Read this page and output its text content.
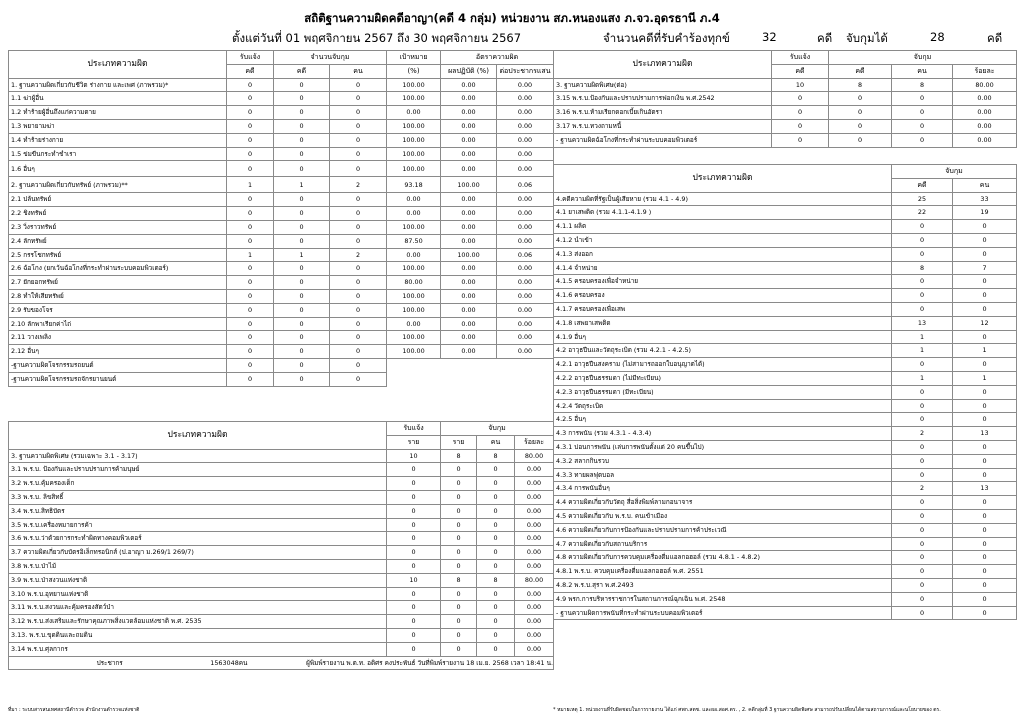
สถิติฐานความผิดคดีอาญา(คดี 4 กลุ่ม) หน่วยงาน สภ.หนองแสง ภ.จว.อุดรธานี ภ.4
ตั้งแต่วันที่ 01 พฤศจิกายน 2567 ถึง 30 พฤศจิกายน 2567	จำนวนคดีที่รับคำร้องทุกข์	32	คดี จับกุมได้	28	คดี
ประเภทความผิด	รับแจ้ง	จำนวนจับกุม		เป้าหมาย	อัตราความผิด	
	คดี	คดี	คน	(%)	ผลปฏิบัติ (%)	ต่อประชากรแสน
1. ฐานความผิดเกี่ยวกับชีวิต ร่างกาย และเพศ (ภาพรวม)*	0	0	0	100.00	0.00	0.00
1.1 ฆ่าผู้อื่น	0	0	0	100.00	0.00	0.00
1.2 ทำร้ายผู้อื่นถึงแก่ความตาย	0	0	0	0.00	0.00	0.00
1.3 พยายามฆ่า	0	0	0	100.00	0.00	0.00
1.4 ทำร้ายร่างกาย	0	0	0	100.00	0.00	0.00
1.5 ข่มขืนกระทำชำเรา	0	0	0	100.00	0.00	0.00
1.6 อื่นๆ	0	0	0	100.00	0.00	0.00
2. ฐานความผิดเกี่ยวกับทรัพย์ (ภาพรวม)**	1	1	2	93.18	100.00	0.06
2.1 ปล้นทรัพย์	0	0	0	0.00	0.00	0.00
2.2 ชิงทรัพย์	0	0	0	0.00	0.00	0.00
2.3 วิ่งราวทรัพย์	0	0	0	100.00	0.00	0.00
2.4 ลักทรัพย์	0	0	0	87.50	0.00	0.00
2.5 กรรโชกทรัพย์	1	1	2	0.00	100.00	0.06
2.6 ฉ้อโกง (ยกเว้นฉ้อโกงที่กระทำผ่านระบบคอมพิวเตอร์)	0	0	0	100.00	0.00	0.00
2.7 ยักยอกทรัพย์	0	0	0	80.00	0.00	0.00
2.8 ทำให้เสียทรัพย์	0	0	0	100.00	0.00	0.00
2.9 รับของโจร	0	0	0	100.00	0.00	0.00
2.10 ลักพาเรียกค่าไถ่	0	0	0	0.00	0.00	0.00
2.11 วางเพลิง	0	0	0	100.00	0.00	0.00
2.12 อื่นๆ	0	0	0	100.00	0.00	0.00
-ฐานความผิดโจรกรรมรถยนต์	0	0	0			
-ฐานความผิดโจรกรรมรถจักรยานยนต์	0	0	0			
ประเภทความผิด	รับแจ้ง	จับกุม		
	ราย	ราย	คน	ร้อยละ
3. ฐานความผิดพิเศษ (รวมเฉพาะ 3.1 - 3.17)	10	8	8	80.00
3.1 พ.ร.บ. ป้องกันและปราบปรามการค้ามนุษย์	0	0	0	0.00
3.2 พ.ร.บ.คุ้มครองเด็ก	0	0	0	0.00
3.3 พ.ร.บ. ลิขสิทธิ์	0	0	0	0.00
3.4 พ.ร.บ.สิทธิบัตร	0	0	0	0.00
3.5 พ.ร.บ.เครื่องหมายการค้า	0	0	0	0.00
3.6 พ.ร.บ.ว่าด้วยการกระทำผิดทางคอมพิวเตอร์	0	0	0	0.00
3.7 ความผิดเกี่ยวกับบัตรอิเล็กทรอนิกส์ (ป.อาญา ม.269/1 269/7)	0	0	0	0.00
3.8 พ.ร.บ.ป่าไม้	0	0	0	0.00
3.9 พ.ร.บ.ป่าสงวนแห่งชาติ	10	8	8	80.00
3.10 พ.ร.บ.อุทยานแห่งชาติ	0	0	0	0.00
3.11 พ.ร.บ.สงวนและคุ้มครองสัตว์ป่า	0	0	0	0.00
3.12 พ.ร.บ.ส่งเสริมและรักษาคุณภาพสิ่งแวดล้อมแห่งชาติ พ.ศ. 2535	0	0	0	0.00
3.13. พ.ร.บ.ขุดดินและถมดิน	0	0	0	0.00
3.14 พ.ร.บ.ศุลกากร	0	0	0	0.00

ประชากร 1563048คน ผู้พิมพ์รายงาน พ.ต.ท. อดิศร คงประพันธ์ วันที่พิมพ์รายงาน 18 เม.ย. 2568 เวลา 18:41 น.				
ประเภทความผิด	รับแจ้ง	จับกุม		
	คดี	คดี	คน	ร้อยละ
3. ฐานความผิดพิเศษ(ต่อ)	10	8	8	80.00
3.15 พ.ร.บ.ป้องกันและปราบปรามการฟอกเงิน พ.ศ.2542	0	0	0	0.00
3.16 พ.ร.บ.ห้ามเรียกดอกเบี้ยเกินอัตรา	0	0	0	0.00
3.17 พ.ร.บ.ทวงถามหนี้	0	0	0	0.00
- ฐานความผิดฉ้อโกงที่กระทำผ่านระบบคอมพิวเตอร์	0	0	0	0.00
ประเภทความผิด	จับกุม	
	คดี	คน
4.คดีความผิดที่รัฐเป็นผู้เสียหาย (รวม 4.1 - 4.9)	25	33
4.1 ยาเสพติด (รวม 4.1.1-4.1.9 )	22	19
4.1.1 ผลิต	0	0
4.1.2 นำเข้า	0	0
4.1.3 ส่งออก	0	0
4.1.4 จำหน่าย	8	7
4.1.5 ครอบครองเพื่อจำหน่าย	0	0
4.1.6 ครอบครอง	0	0
4.1.7 ครอบครองเพื่อเสพ	0	0
4.1.8 เสพยาเสพติด	13	12
4.1.9 อื่นๆ	1	0
4.2 อาวุธปืนและวัตถุระเบิด (รวม 4.2.1 - 4.2.5)	1	1
4.2.1 อาวุธปืนสงคราม (ไม่สามารถออกใบอนุญาตได้)	0	0
4.2.2 อาวุธปืนธรรมดา (ไม่มีทะเบียน)	1	1
4.2.3 อาวุธปืนธรรมดา (มีทะเบียน)	0	0
4.2.4 วัตถุระเบิด	0	0
4.2.5 อื่นๆ	0	0
4.3 การพนัน (รวม 4.3.1 - 4.3.4)	2	13
4.3.1 บ่อนการพนัน (เล่นการพนันตั้งแต่ 20 คนขึ้นไป)	0	0
4.3.2 สลากกินรวบ	0	0
4.3.3 ทายผลฟุตบอล	0	0
4.3.4 การพนันอื่นๆ	2	13
4.4 ความผิดเกี่ยวกับวัตถุ สื่อสิ่งพิมพ์ลามกอนาจาร	0	0
4.5 ความผิดเกี่ยวกับ พ.ร.บ. คนเข้าเมือง	0	0
4.6 ความผิดเกี่ยวกับการป้องกันและปราบปรามการค้าประเวณี	0	0
4.7 ความผิดเกี่ยวกับสถานบริการ	0	0
4.8 ความผิดเกี่ยวกับการควบคุมเครื่องดื่มแอลกอฮอล์ (รวม 4.8.1 - 4.8.2)	0	0
4.8.1 พ.ร.บ. ควบคุมเครื่องดื่มแอลกอฮอล์ พ.ศ. 2551	0	0
4.8.2 พ.ร.บ.สุรา พ.ศ.2493	0	0
4.9 พรก.การบริหารราชการในสถานการณ์ฉุกเฉิน พ.ศ. 2548	0	0
- ฐานความผิดการพนันที่กระทำผ่านระบบคอมพิวเตอร์	0	0
ที่มา : ระบบสารสนเทศสถานีตำรวจ สำนักงานตำรวจแห่งชาติ	* หมายเหตุ 1. หน่วยงานที่รับผิดชอบในการรายงาน ได้แก่ ศพก.สตช. และผอ.สอศ.ตร. , 2. คดีกลุ่มที่ 3 ฐานความผิดพิเศษ สามารถปรับเปลี่ยนได้ตามสถานการณ์และนโยบายของ ตร.
